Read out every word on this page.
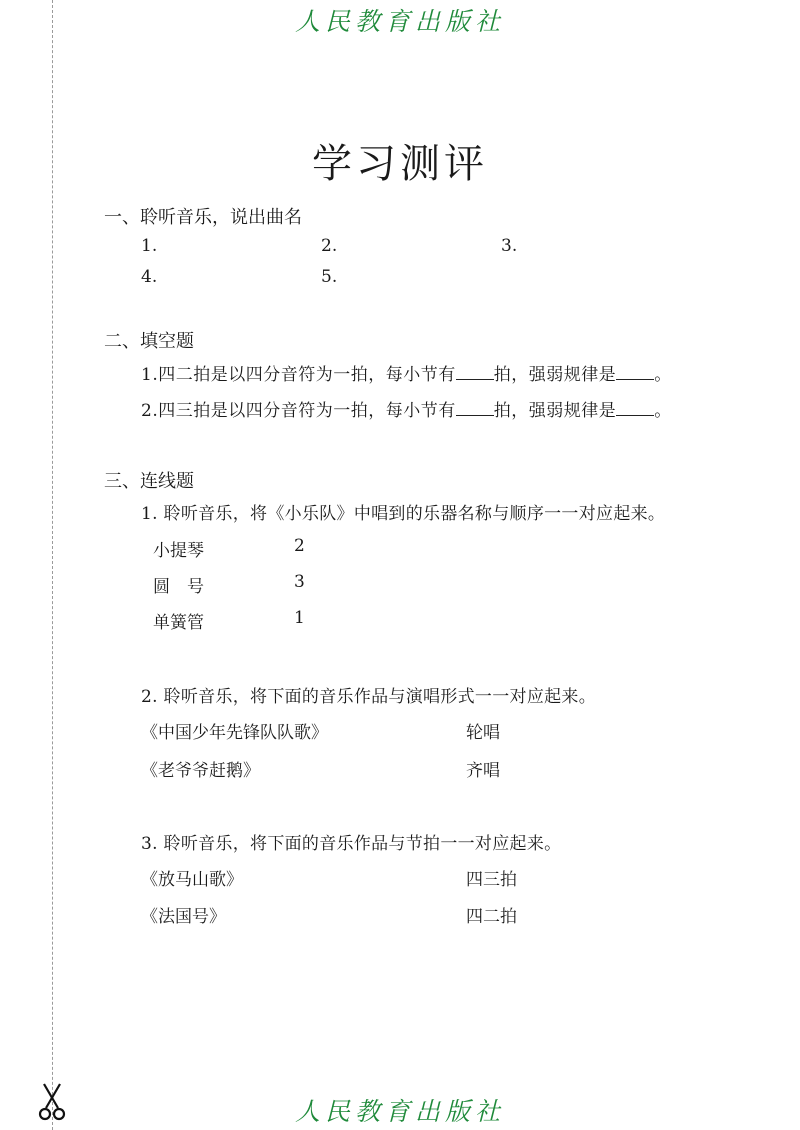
人民教育出版社
人民教育出版社
学习测评
一、聆听音乐，说出曲名
1.	2.	3.
4.	5.
二、填空题
1.四二拍是以四分音符为一拍，每小节有 拍，强弱规律是 。
2.四三拍是以四分音符为一拍，每小节有 拍，强弱规律是 。
三、连线题
1. 聆听音乐，将《小乐队》中唱到的乐器名称与顺序一一对应起来。
小提琴	2
圆　号	3
单簧管	1
2. 聆听音乐，将下面的音乐作品与演唱形式一一对应起来。
《中国少年先锋队队歌》	轮唱
《老爷爷赶鹅》	齐唱
3. 聆听音乐，将下面的音乐作品与节拍一一对应起来。
《放马山歌》	四三拍
《法国号》	四二拍
